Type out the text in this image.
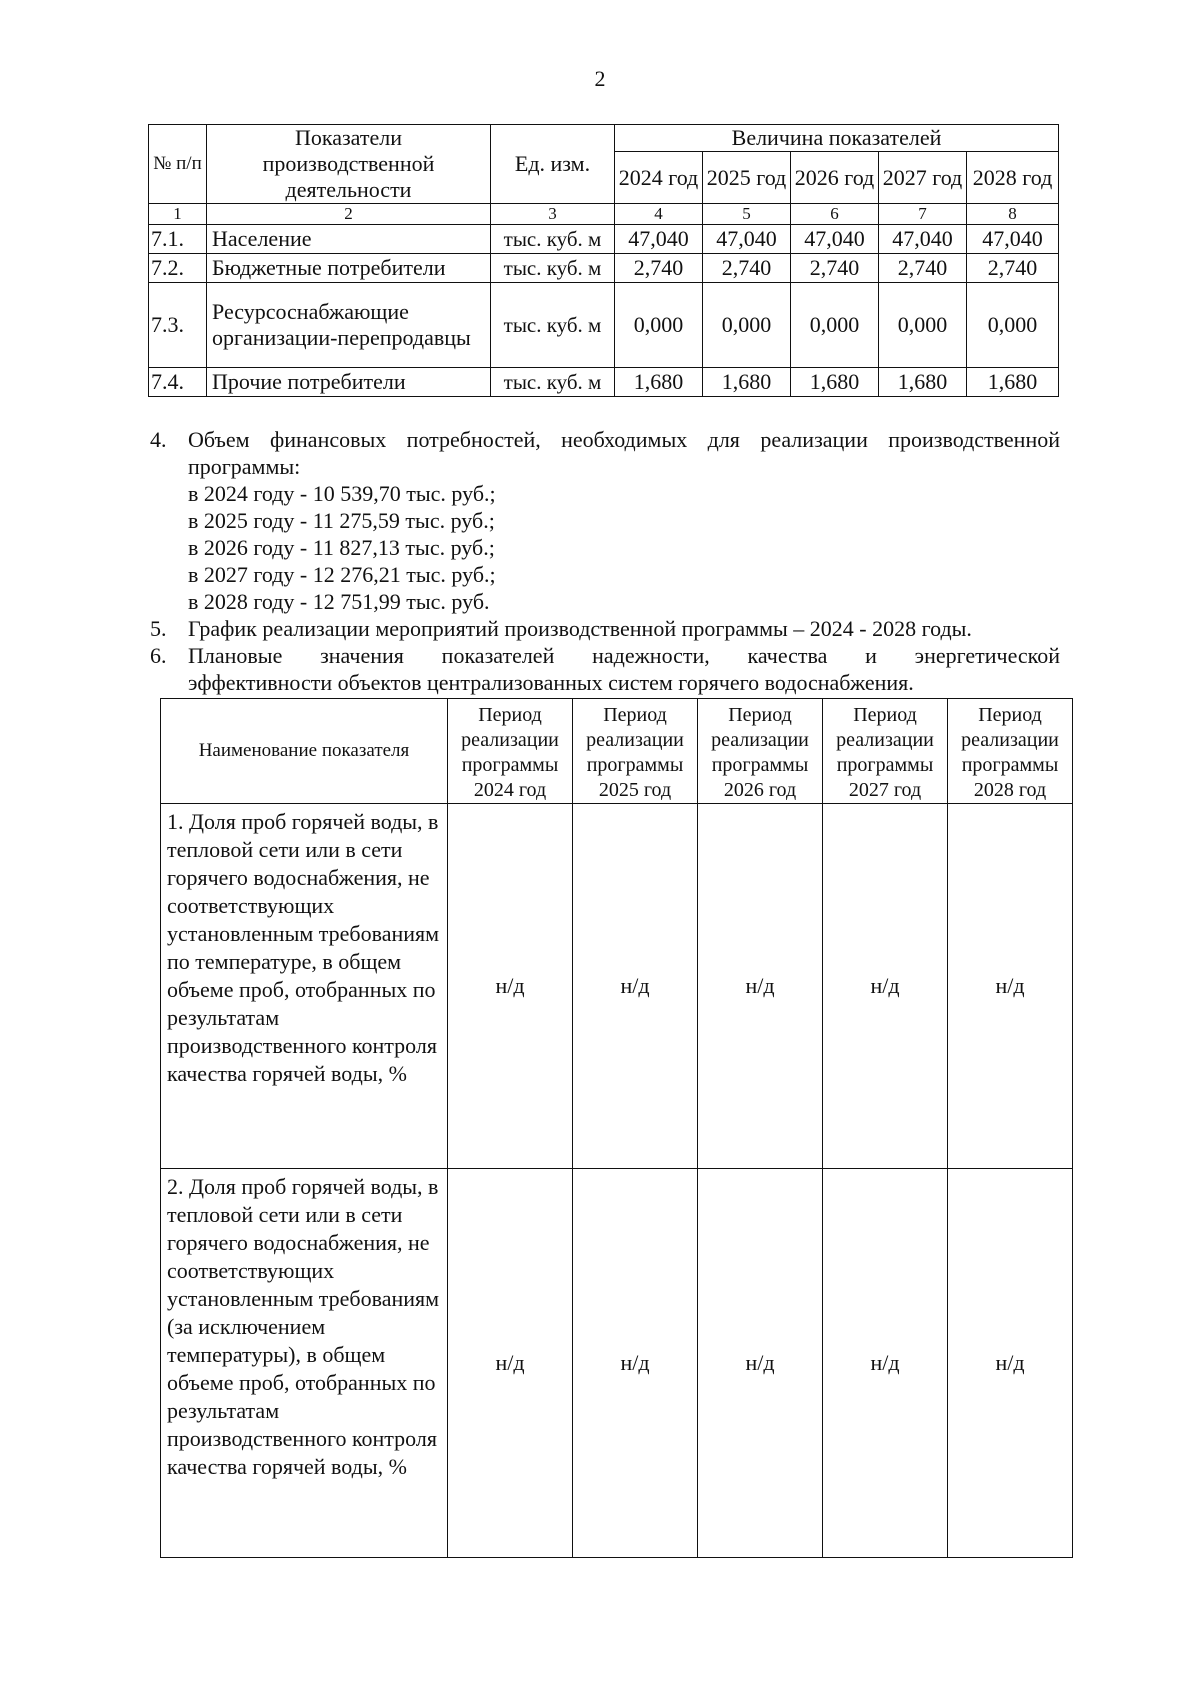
2
№ п/п	Показатели производственной деятельности	Ед. изм.	Величина показателей				
			2024 год	2025 год	2026 год	2027 год	2028 год
1	2	3	4	5	6	7	8
7.1.	Население	тыс. куб. м	47,040	47,040	47,040	47,040	47,040
7.2.	Бюджетные потребители	тыс. куб. м	2,740	2,740	2,740	2,740	2,740
7.3.	Ресурсоснабжающие организации-перепродавцы	тыс. куб. м	0,000	0,000	0,000	0,000	0,000
7.4.	Прочие потребители	тыс. куб. м	1,680	1,680	1,680	1,680	1,680
4. Объем финансовых потребностей, необходимых для реализации производственной программы:
в 2024 году - 10 539,70 тыс. руб.;
в 2025 году - 11 275,59 тыс. руб.;
в 2026 году - 11 827,13 тыс. руб.;
в 2027 году - 12 276,21 тыс. руб.;
в 2028 году - 12 751,99 тыс. руб.
5. График реализации мероприятий производственной программы – 2024 - 2028 годы.
6. Плановые значения показателей надежности, качества и энергетической
эффективности объектов централизованных систем горячего водоснабжения.
Наименование показателя	Период реализации программы 2024 год	Период реализации программы 2025 год	Период реализации программы 2026 год	Период реализации программы 2027 год	Период реализации программы 2028 год
1. Доля проб горячей воды, в тепловой сети или в сети горячего водоснабжения, не соответствующих установленным требованиям по температуре, в общем объеме проб, отобранных по результатам производственного контроля качества горячей воды, %	н/д	н/д	н/д	н/д	н/д
2. Доля проб горячей воды, в тепловой сети или в сети горячего водоснабжения, не соответствующих установленным требованиям (за исключением температуры), в общем объеме проб, отобранных по результатам производственного контроля качества горячей воды, %	н/д	н/д	н/д	н/д	н/д
